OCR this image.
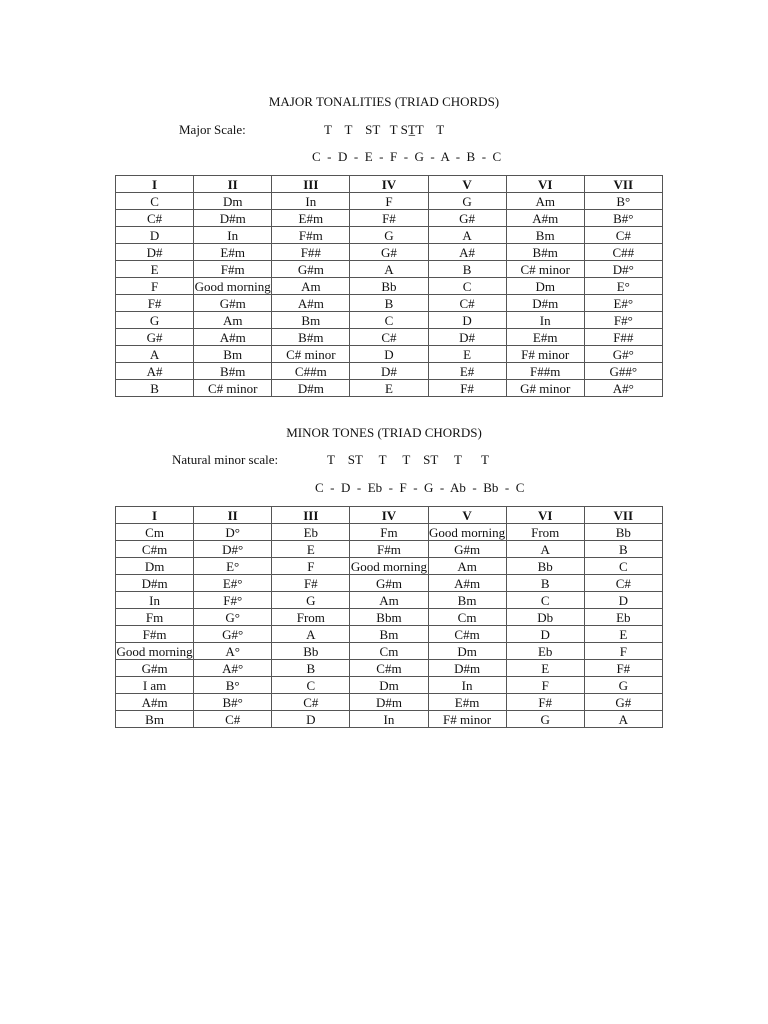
MAJOR TONALITIES (TRIAD CHORDS)
Major Scale:	T    T    ST   T ST̲T    T
C  -  D  -  E  -  F  -  G  -  A  -  B  -  C
I	II	III	IV	V	VI	VII
C	Dm	In	F	G	Am	B°
C#	D#m	E#m	F#	G#	A#m	B#°
D	In	F#m	G	A	Bm	C#
D#	E#m	F##	G#	A#	B#m	C##
E	F#m	G#m	A	B	C# minor	D#°
F	Good morning	Am	Bb	C	Dm	E°
F#	G#m	A#m	B	C#	D#m	E#°
G	Am	Bm	C	D	In	F#°
G#	A#m	B#m	C#	D#	E#m	F##
A	Bm	C# minor	D	E	F# minor	G#°
A#	B#m	C##m	D#	E#	F##m	G##°
B	C# minor	D#m	E	F#	G# minor	A#°
MINOR TONES (TRIAD CHORDS)
Natural minor scale:	T    ST     T     T    ST     T      T
C  -  D  -  Eb  -  F  -  G  -  Ab  -  Bb  -  C
I	II	III	IV	V	VI	VII
Cm	D°	Eb	Fm	Good morning	From	Bb
C#m	D#°	E	F#m	G#m	A	B
Dm	E°	F	Good morning	Am	Bb	C
D#m	E#°	F#	G#m	A#m	B	C#
In	F#°	G	Am	Bm	C	D
Fm	G°	From	Bbm	Cm	Db	Eb
F#m	G#°	A	Bm	C#m	D	E
Good morning	A°	Bb	Cm	Dm	Eb	F
G#m	A#°	B	C#m	D#m	E	F#
I am	B°	C	Dm	In	F	G
A#m	B#°	C#	D#m	E#m	F#	G#
Bm	C#	D	In	F# minor	G	A
